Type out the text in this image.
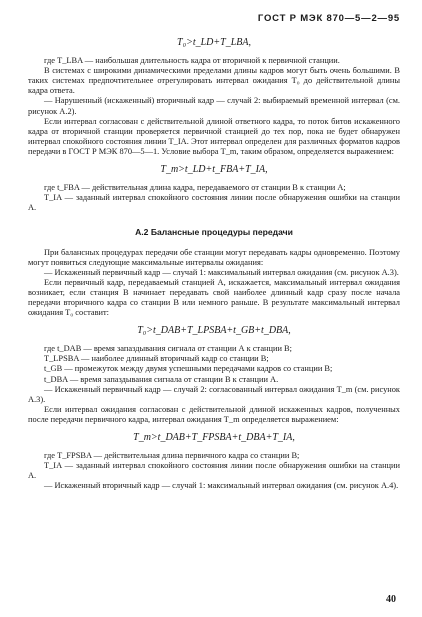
ГОСТ Р МЭК 870—5—2—95
T₀>t_LD+T_LBA,

где T_LBA — наибольшая длительность кадра от вторичной к первичной станции.

В системах с широкими динамическими пределами длины кадров могут быть очень большими. В таких системах предпочтительнее отрегулировать интервал ожидания T₀ до действительной длины кадра ответа.

— Нарушенный (искаженный) вторичный кадр — случай 2: выбираемый временной интервал (см. рисунок А.2).

Если интервал согласован с действительной длиной ответного кадра, то поток битов искаженного кадра от вторичной станции проверяется первичной станцией до тех пор, пока не будет обнаружен интервал спокойного состояния линии T_IA. Этот интервал определен для различных форматов кадров передачи в ГОСТ Р МЭК 870—5—1. Условие выбора T_m, таким образом, определяется выражением:

T_m>t_LD+t_FBA+T_IA,

где t_FBA — действительная длина кадра, передаваемого от станции В к станции А;

T_IA — заданный интервал спокойного состояния линии после обнаружения ошибки на станции А.

А.2 Балансные процедуры передачи

При балансных процедурах передачи обе станции могут передавать кадры одновременно. Поэтому могут появиться следующие максимальные интервалы ожидания:

— Искаженный первичный кадр — случай 1: максимальный интервал ожидания (см. рисунок А.3).

Если первичный кадр, передаваемый станцией А, искажается, максимальный интервал ожидания возникает, если станция В начинает передавать свой наиболее длинный кадр сразу после начала передачи вторичного кадра со станции В или немного раньше. В результате максимальный интервал ожидания T₀ составит:

T₀>t_DAB+T_LPSBA+t_GB+t_DBA,

где t_DAB — время запаздывания сигнала от станции А к станции В;

T_LPSBA — наиболее длинный вторичный кадр со станции В;

t_GB — промежуток между двумя успешными передачами кадров со станции В;

t_DBA — время запаздывания сигнала от станции В к станции А.

— Искаженный первичный кадр — случай 2: согласованный интервал ожидания T_m (см. рисунок А.3).

Если интервал ожидания согласован с действительной длиной искаженных кадров, полученных после передачи первичного кадра, интервал ожидания T_m определяется выражением:

T_m>t_DAB+T_FPSBA+t_DBA+T_IA,

где T_FPSBA — действительная длина первичного кадра со станции В;

T_IA — заданный интервал спокойного состояния линии после обнаружения ошибки на станции А.

— Искаженный вторичный кадр — случай 1: максимальный интервал ожидания (см. рисунок А.4).

40
